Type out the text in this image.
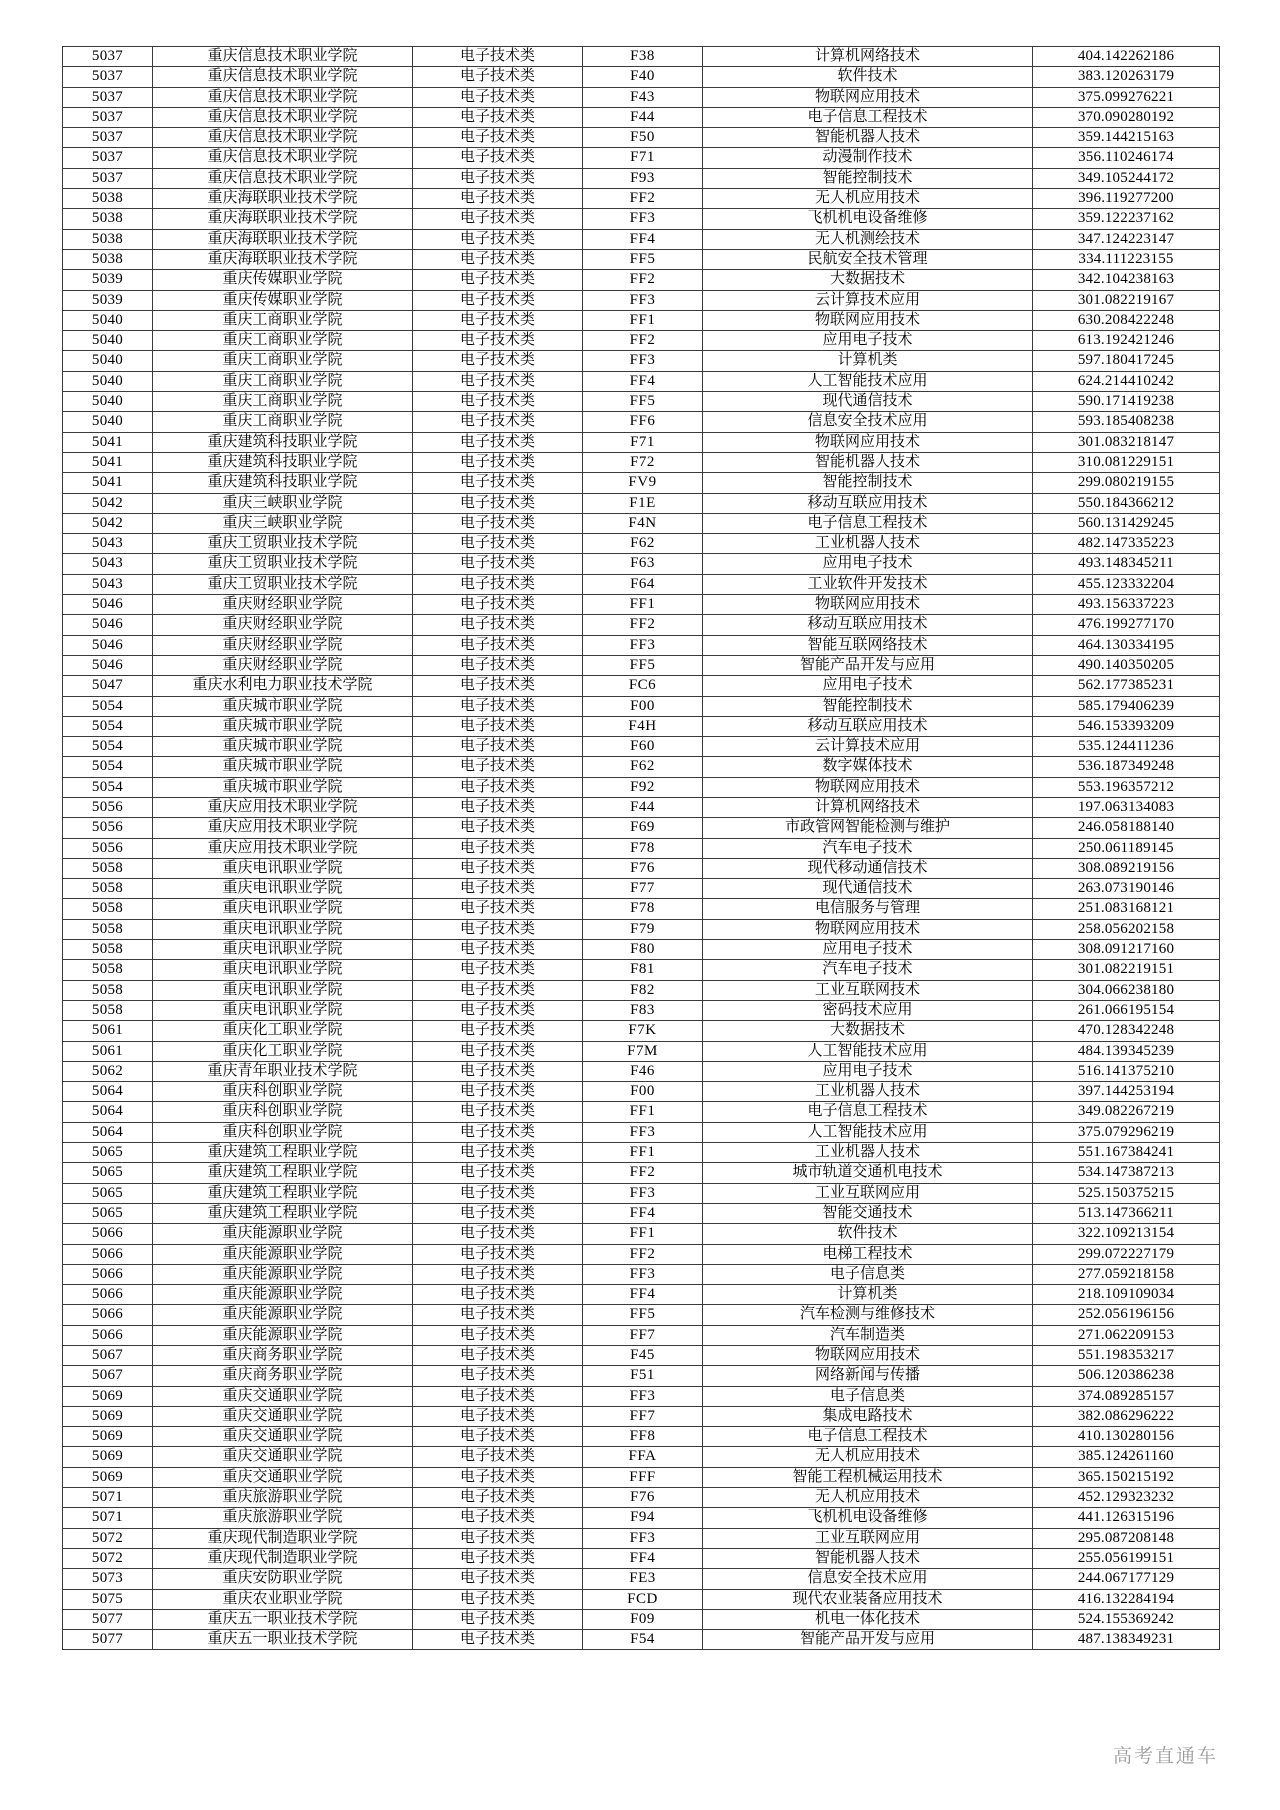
5037	重庆信息技术职业学院	电子技术类	F38	计算机网络技术	404.142262186
5037	重庆信息技术职业学院	电子技术类	F40	软件技术	383.120263179
5037	重庆信息技术职业学院	电子技术类	F43	物联网应用技术	375.099276221
5037	重庆信息技术职业学院	电子技术类	F44	电子信息工程技术	370.090280192
5037	重庆信息技术职业学院	电子技术类	F50	智能机器人技术	359.144215163
5037	重庆信息技术职业学院	电子技术类	F71	动漫制作技术	356.110246174
5037	重庆信息技术职业学院	电子技术类	F93	智能控制技术	349.105244172
5038	重庆海联职业技术学院	电子技术类	FF2	无人机应用技术	396.119277200
5038	重庆海联职业技术学院	电子技术类	FF3	飞机机电设备维修	359.122237162
5038	重庆海联职业技术学院	电子技术类	FF4	无人机测绘技术	347.124223147
5038	重庆海联职业技术学院	电子技术类	FF5	民航安全技术管理	334.111223155
5039	重庆传媒职业学院	电子技术类	FF2	大数据技术	342.104238163
5039	重庆传媒职业学院	电子技术类	FF3	云计算技术应用	301.082219167
5040	重庆工商职业学院	电子技术类	FF1	物联网应用技术	630.208422248
5040	重庆工商职业学院	电子技术类	FF2	应用电子技术	613.192421246
5040	重庆工商职业学院	电子技术类	FF3	计算机类	597.180417245
5040	重庆工商职业学院	电子技术类	FF4	人工智能技术应用	624.214410242
5040	重庆工商职业学院	电子技术类	FF5	现代通信技术	590.171419238
5040	重庆工商职业学院	电子技术类	FF6	信息安全技术应用	593.185408238
5041	重庆建筑科技职业学院	电子技术类	F71	物联网应用技术	301.083218147
5041	重庆建筑科技职业学院	电子技术类	F72	智能机器人技术	310.081229151
5041	重庆建筑科技职业学院	电子技术类	FV9	智能控制技术	299.080219155
5042	重庆三峡职业学院	电子技术类	F1E	移动互联应用技术	550.184366212
5042	重庆三峡职业学院	电子技术类	F4N	电子信息工程技术	560.131429245
5043	重庆工贸职业技术学院	电子技术类	F62	工业机器人技术	482.147335223
5043	重庆工贸职业技术学院	电子技术类	F63	应用电子技术	493.148345211
5043	重庆工贸职业技术学院	电子技术类	F64	工业软件开发技术	455.123332204
5046	重庆财经职业学院	电子技术类	FF1	物联网应用技术	493.156337223
5046	重庆财经职业学院	电子技术类	FF2	移动互联应用技术	476.199277170
5046	重庆财经职业学院	电子技术类	FF3	智能互联网络技术	464.130334195
5046	重庆财经职业学院	电子技术类	FF5	智能产品开发与应用	490.140350205
5047	重庆水利电力职业技术学院	电子技术类	FC6	应用电子技术	562.177385231
5054	重庆城市职业学院	电子技术类	F00	智能控制技术	585.179406239
5054	重庆城市职业学院	电子技术类	F4H	移动互联应用技术	546.153393209
5054	重庆城市职业学院	电子技术类	F60	云计算技术应用	535.124411236
5054	重庆城市职业学院	电子技术类	F62	数字媒体技术	536.187349248
5054	重庆城市职业学院	电子技术类	F92	物联网应用技术	553.196357212
5056	重庆应用技术职业学院	电子技术类	F44	计算机网络技术	197.063134083
5056	重庆应用技术职业学院	电子技术类	F69	市政管网智能检测与维护	246.058188140
5056	重庆应用技术职业学院	电子技术类	F78	汽车电子技术	250.061189145
5058	重庆电讯职业学院	电子技术类	F76	现代移动通信技术	308.089219156
5058	重庆电讯职业学院	电子技术类	F77	现代通信技术	263.073190146
5058	重庆电讯职业学院	电子技术类	F78	电信服务与管理	251.083168121
5058	重庆电讯职业学院	电子技术类	F79	物联网应用技术	258.056202158
5058	重庆电讯职业学院	电子技术类	F80	应用电子技术	308.091217160
5058	重庆电讯职业学院	电子技术类	F81	汽车电子技术	301.082219151
5058	重庆电讯职业学院	电子技术类	F82	工业互联网技术	304.066238180
5058	重庆电讯职业学院	电子技术类	F83	密码技术应用	261.066195154
5061	重庆化工职业学院	电子技术类	F7K	大数据技术	470.128342248
5061	重庆化工职业学院	电子技术类	F7M	人工智能技术应用	484.139345239
5062	重庆青年职业技术学院	电子技术类	F46	应用电子技术	516.141375210
5064	重庆科创职业学院	电子技术类	F00	工业机器人技术	397.144253194
5064	重庆科创职业学院	电子技术类	FF1	电子信息工程技术	349.082267219
5064	重庆科创职业学院	电子技术类	FF3	人工智能技术应用	375.079296219
5065	重庆建筑工程职业学院	电子技术类	FF1	工业机器人技术	551.167384241
5065	重庆建筑工程职业学院	电子技术类	FF2	城市轨道交通机电技术	534.147387213
5065	重庆建筑工程职业学院	电子技术类	FF3	工业互联网应用	525.150375215
5065	重庆建筑工程职业学院	电子技术类	FF4	智能交通技术	513.147366211
5066	重庆能源职业学院	电子技术类	FF1	软件技术	322.109213154
5066	重庆能源职业学院	电子技术类	FF2	电梯工程技术	299.072227179
5066	重庆能源职业学院	电子技术类	FF3	电子信息类	277.059218158
5066	重庆能源职业学院	电子技术类	FF4	计算机类	218.109109034
5066	重庆能源职业学院	电子技术类	FF5	汽车检测与维修技术	252.056196156
5066	重庆能源职业学院	电子技术类	FF7	汽车制造类	271.062209153
5067	重庆商务职业学院	电子技术类	F45	物联网应用技术	551.198353217
5067	重庆商务职业学院	电子技术类	F51	网络新闻与传播	506.120386238
5069	重庆交通职业学院	电子技术类	FF3	电子信息类	374.089285157
5069	重庆交通职业学院	电子技术类	FF7	集成电路技术	382.086296222
5069	重庆交通职业学院	电子技术类	FF8	电子信息工程技术	410.130280156
5069	重庆交通职业学院	电子技术类	FFA	无人机应用技术	385.124261160
5069	重庆交通职业学院	电子技术类	FFF	智能工程机械运用技术	365.150215192
5071	重庆旅游职业学院	电子技术类	F76	无人机应用技术	452.129323232
5071	重庆旅游职业学院	电子技术类	F94	飞机机电设备维修	441.126315196
5072	重庆现代制造职业学院	电子技术类	FF3	工业互联网应用	295.087208148
5072	重庆现代制造职业学院	电子技术类	FF4	智能机器人技术	255.056199151
5073	重庆安防职业学院	电子技术类	FE3	信息安全技术应用	244.067177129
5075	重庆农业职业学院	电子技术类	FCD	现代农业装备应用技术	416.132284194
5077	重庆五一职业技术学院	电子技术类	F09	机电一体化技术	524.155369242
5077	重庆五一职业技术学院	电子技术类	F54	智能产品开发与应用	487.138349231
高考直通车
